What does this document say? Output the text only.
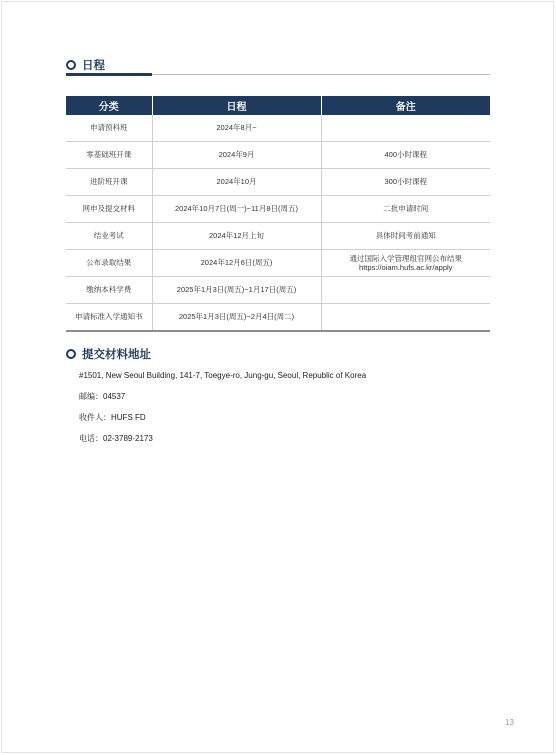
日程
分类	日程	备注
申请预科班	2024年8月~	
零基础班开课	2024年9月	400小时课程
进阶班开课	2024年10月	300小时课程
网申及提交材料	2024年10月7日(周一)~11月8日(周五)	二批申请时间
结业考试	2024年12月上旬	具体时间考前通知
公布录取结果	2024年12月6日(周五)	通过国际入学管理组官网公布结果
https://oiam.hufs.ac.kr/apply

缴纳本科学费	2025年1月3日(周五)~1月17日(周五)	
申请标准入学通知书	2025年1月3日(周五)~2月4日(周二)	
提交材料地址
#1501, New Seoul Building, 141-7, Toegye-ro, Jung-gu, Seoul, Republic of Korea
邮编：04537
收件人：HUFS FD
电话：02-3789-2173
13
